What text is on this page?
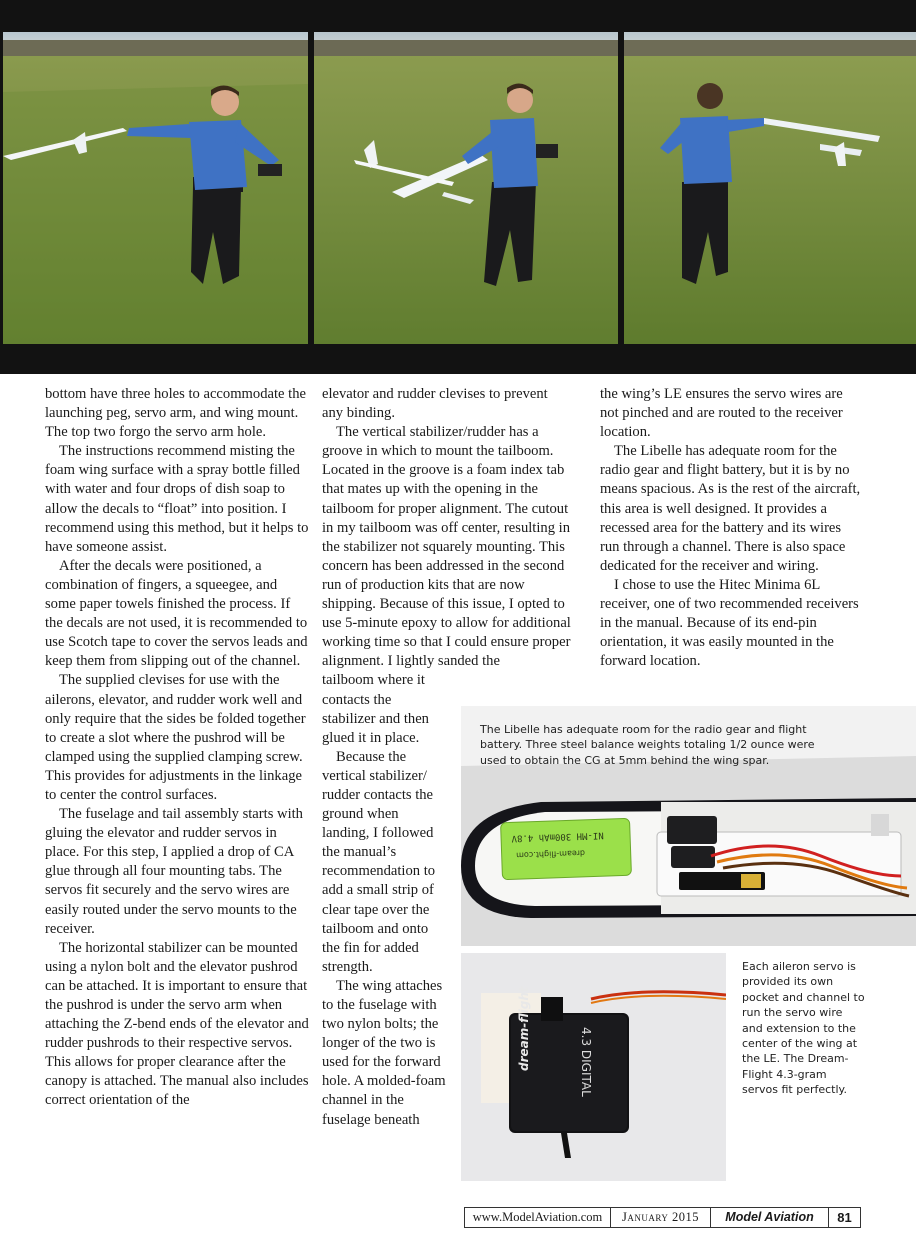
bottom have three holes to accommodate the launching peg, servo arm, and wing mount. The top two forgo the servo arm hole.

The instructions recommend misting the foam wing surface with a spray bottle filled with water and four drops of dish soap to allow the decals to “float” into position. I recommend using this method, but it helps to have someone assist.

After the decals were positioned, a combination of fingers, a squeegee, and some paper towels finished the process. If the decals are not used, it is recommended to use Scotch tape to cover the servos leads and keep them from slipping out of the channel.

The supplied clevises for use with the ailerons, elevator, and rudder work well and only require that the sides be folded together to create a slot where the pushrod will be clamped using the supplied clamping screw. This provides for adjustments in the linkage to center the control surfaces.

The fuselage and tail assembly starts with gluing the elevator and rudder servos in place. For this step, I applied a drop of CA glue through all four mounting tabs. The servos fit securely and the servo wires are easily routed under the servo mounts to the receiver.

The horizontal stabilizer can be mounted using a nylon bolt and the elevator pushrod can be attached. It is important to ensure that the pushrod is under the servo arm when attaching the Z-bend ends of the elevator and rudder pushrods to their respective servos. This allows for proper clearance after the canopy is attached. The manual also includes correct orientation of the

elevator and rudder clevises to prevent any binding.

The vertical stabilizer/rudder has a groove in which to mount the tailboom. Located in the groove is a foam index tab that mates up with the opening in the tailboom for proper alignment. The cutout in my tailboom was off center, resulting in the stabilizer not squarely mounting. This concern has been addressed in the second run of production kits that are now shipping. Because of this issue, I opted to use 5-minute epoxy to allow for additional working time so that I could ensure proper alignment. I lightly sanded the

tailboom where it contacts the stabilizer and then glued it in place.

Because the vertical stabilizer/ rudder contacts the ground when landing, I followed the manual’s recommendation to add a small strip of clear tape over the tailboom and onto the fin for added strength.

The wing attaches to the fuselage with two nylon bolts; the longer of the two is used for the forward hole. A molded-foam channel in the fuselage beneath

the wing’s LE ensures the servo wires are not pinched and are routed to the receiver location.

The Libelle has adequate room for the radio gear and flight battery, but it is by no means spacious. As is the rest of the aircraft, this area is well designed. It provides a recessed area for the battery and its wires run through a channel. There is also space dedicated for the receiver and wiring.

I chose to use the Hitec Minima 6L receiver, one of two recommended receivers in the manual. Because of its end-pin orientation, it was easily mounted in the forward location.

NI-MH 300mAh 4.8V
dream-flight.com
The Libelle has adequate room for the radio gear and flight battery. Three steel balance weights totaling 1/2 ounce were used to obtain the CG at 5mm behind the wing spar.
dream-flight	4.3 DIGITAL
Each aileron servo is provided its own pocket and channel to run the servo wire and extension to the center of the wing at the LE. The Dream-Flight 4.3-gram servos fit perfectly.
www.ModelAviation.com	January 2015	Model Aviation	81
